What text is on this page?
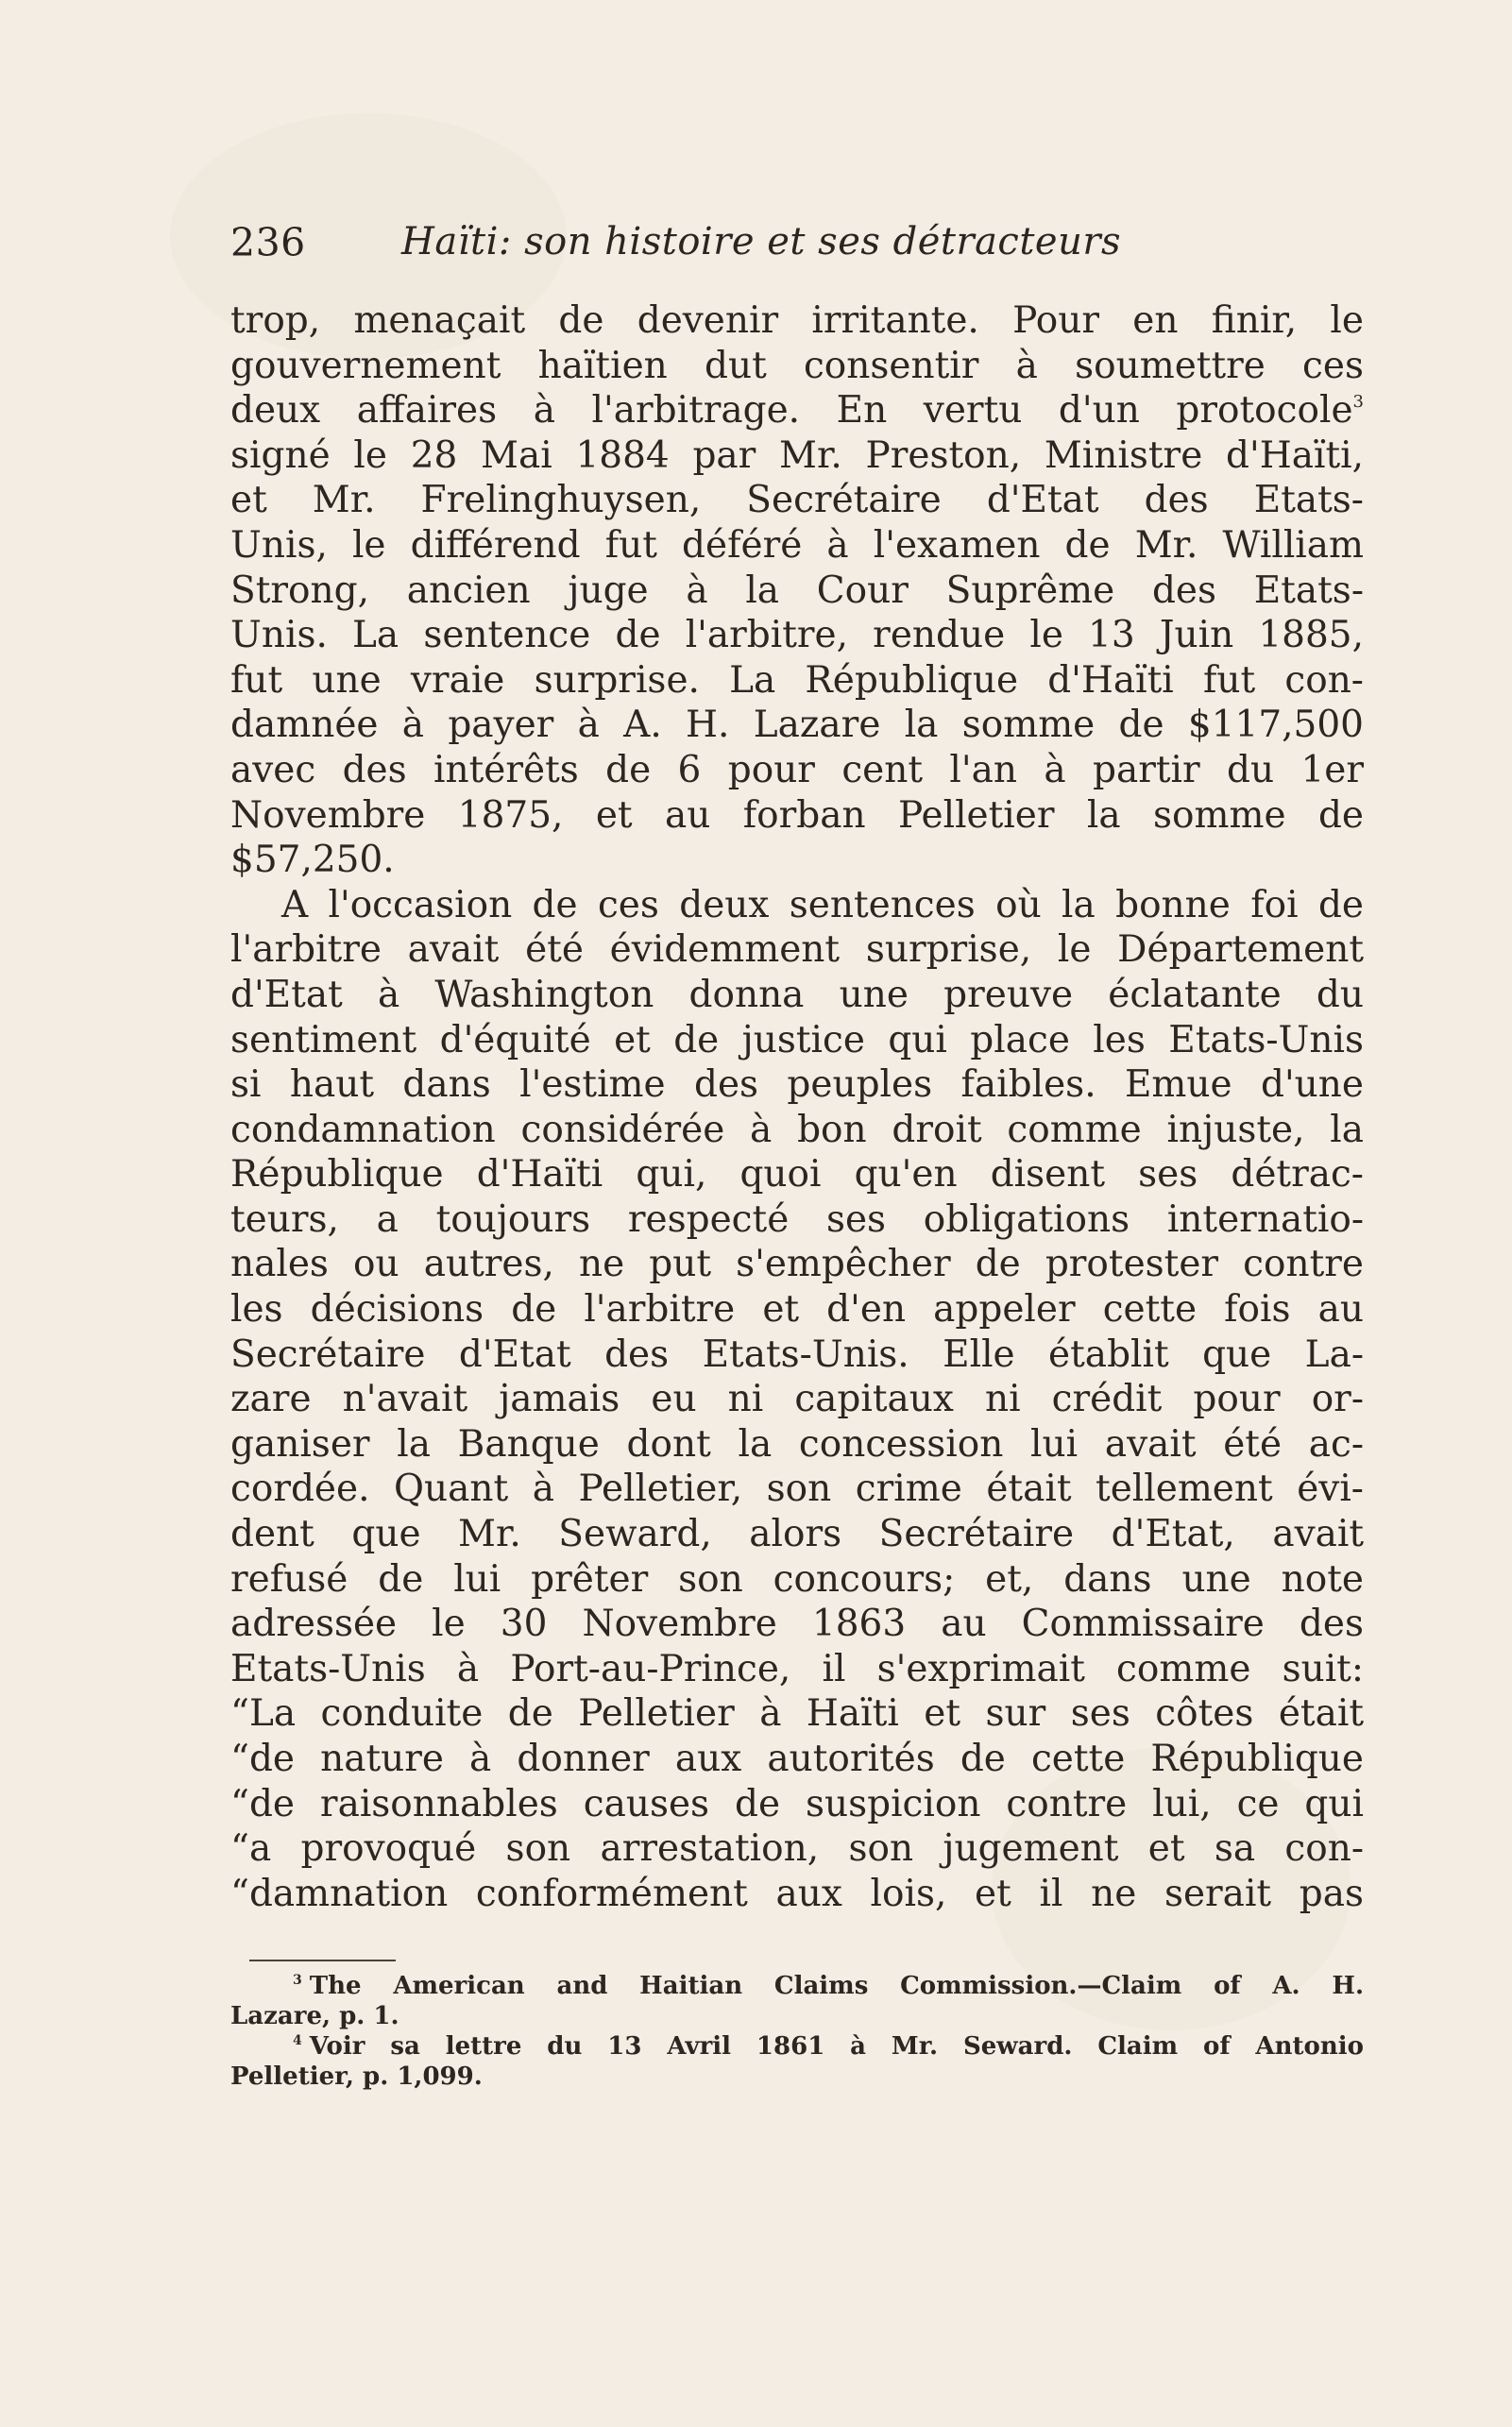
236	Haïti: son histoire et ses détracteurs
trop, menaçait de devenir irritante. Pour en finir, le
gouvernement haïtien dut consentir à soumettre ces
deux affaires à l'arbitrage. En vertu d'un protocole$^3$
signé le 28 Mai 1884 par Mr. Preston, Ministre d'Haïti,
et Mr. Frelinghuysen, Secrétaire d'Etat des Etats-
Unis, le différend fut déféré à l'examen de Mr. William
Strong, ancien juge à la Cour Suprême des Etats-
Unis. La sentence de l'arbitre, rendue le 13 Juin 1885,
fut une vraie surprise. La République d'Haïti fut con-
damnée à payer à A. H. Lazare la somme de $117,500
avec des intérêts de 6 pour cent l'an à partir du 1er
Novembre 1875, et au forban Pelletier la somme de
$57,250.
A l'occasion de ces deux sentences où la bonne foi de
l'arbitre avait été évidemment surprise, le Département
d'Etat à Washington donna une preuve éclatante du
sentiment d'équité et de justice qui place les Etats-Unis
si haut dans l'estime des peuples faibles. Emue d'une
condamnation considérée à bon droit comme injuste, la
République d'Haïti qui, quoi qu'en disent ses détrac-
teurs, a toujours respecté ses obligations internatio-
nales ou autres, ne put s'empêcher de protester contre
les décisions de l'arbitre et d'en appeler cette fois au
Secrétaire d'Etat des Etats-Unis. Elle établit que La-
zare n'avait jamais eu ni capitaux ni crédit pour or-
ganiser la Banque dont la concession lui avait été ac-
cordée. Quant à Pelletier, son crime était tellement évi-
dent que Mr. Seward, alors Secrétaire d'Etat, avait
refusé de lui prêter son concours; et, dans une note
adressée le 30 Novembre 1863 au Commissaire des
Etats-Unis à Port-au-Prince, il s'exprimait comme suit:
“La conduite de Pelletier à Haïti et sur ses côtes était
“de nature à donner aux autorités de cette République
“de raisonnables causes de suspicion contre lui, ce qui
“a provoqué son arrestation, son jugement et sa con-
“damnation conformément aux lois, et il ne serait pas
$^3$ The American and Haitian Claims Commission.—Claim of A. H.
Lazare, p. 1.
$^4$ Voir sa lettre du 13 Avril 1861 à Mr. Seward. Claim of Antonio
Pelletier, p. 1,099.
